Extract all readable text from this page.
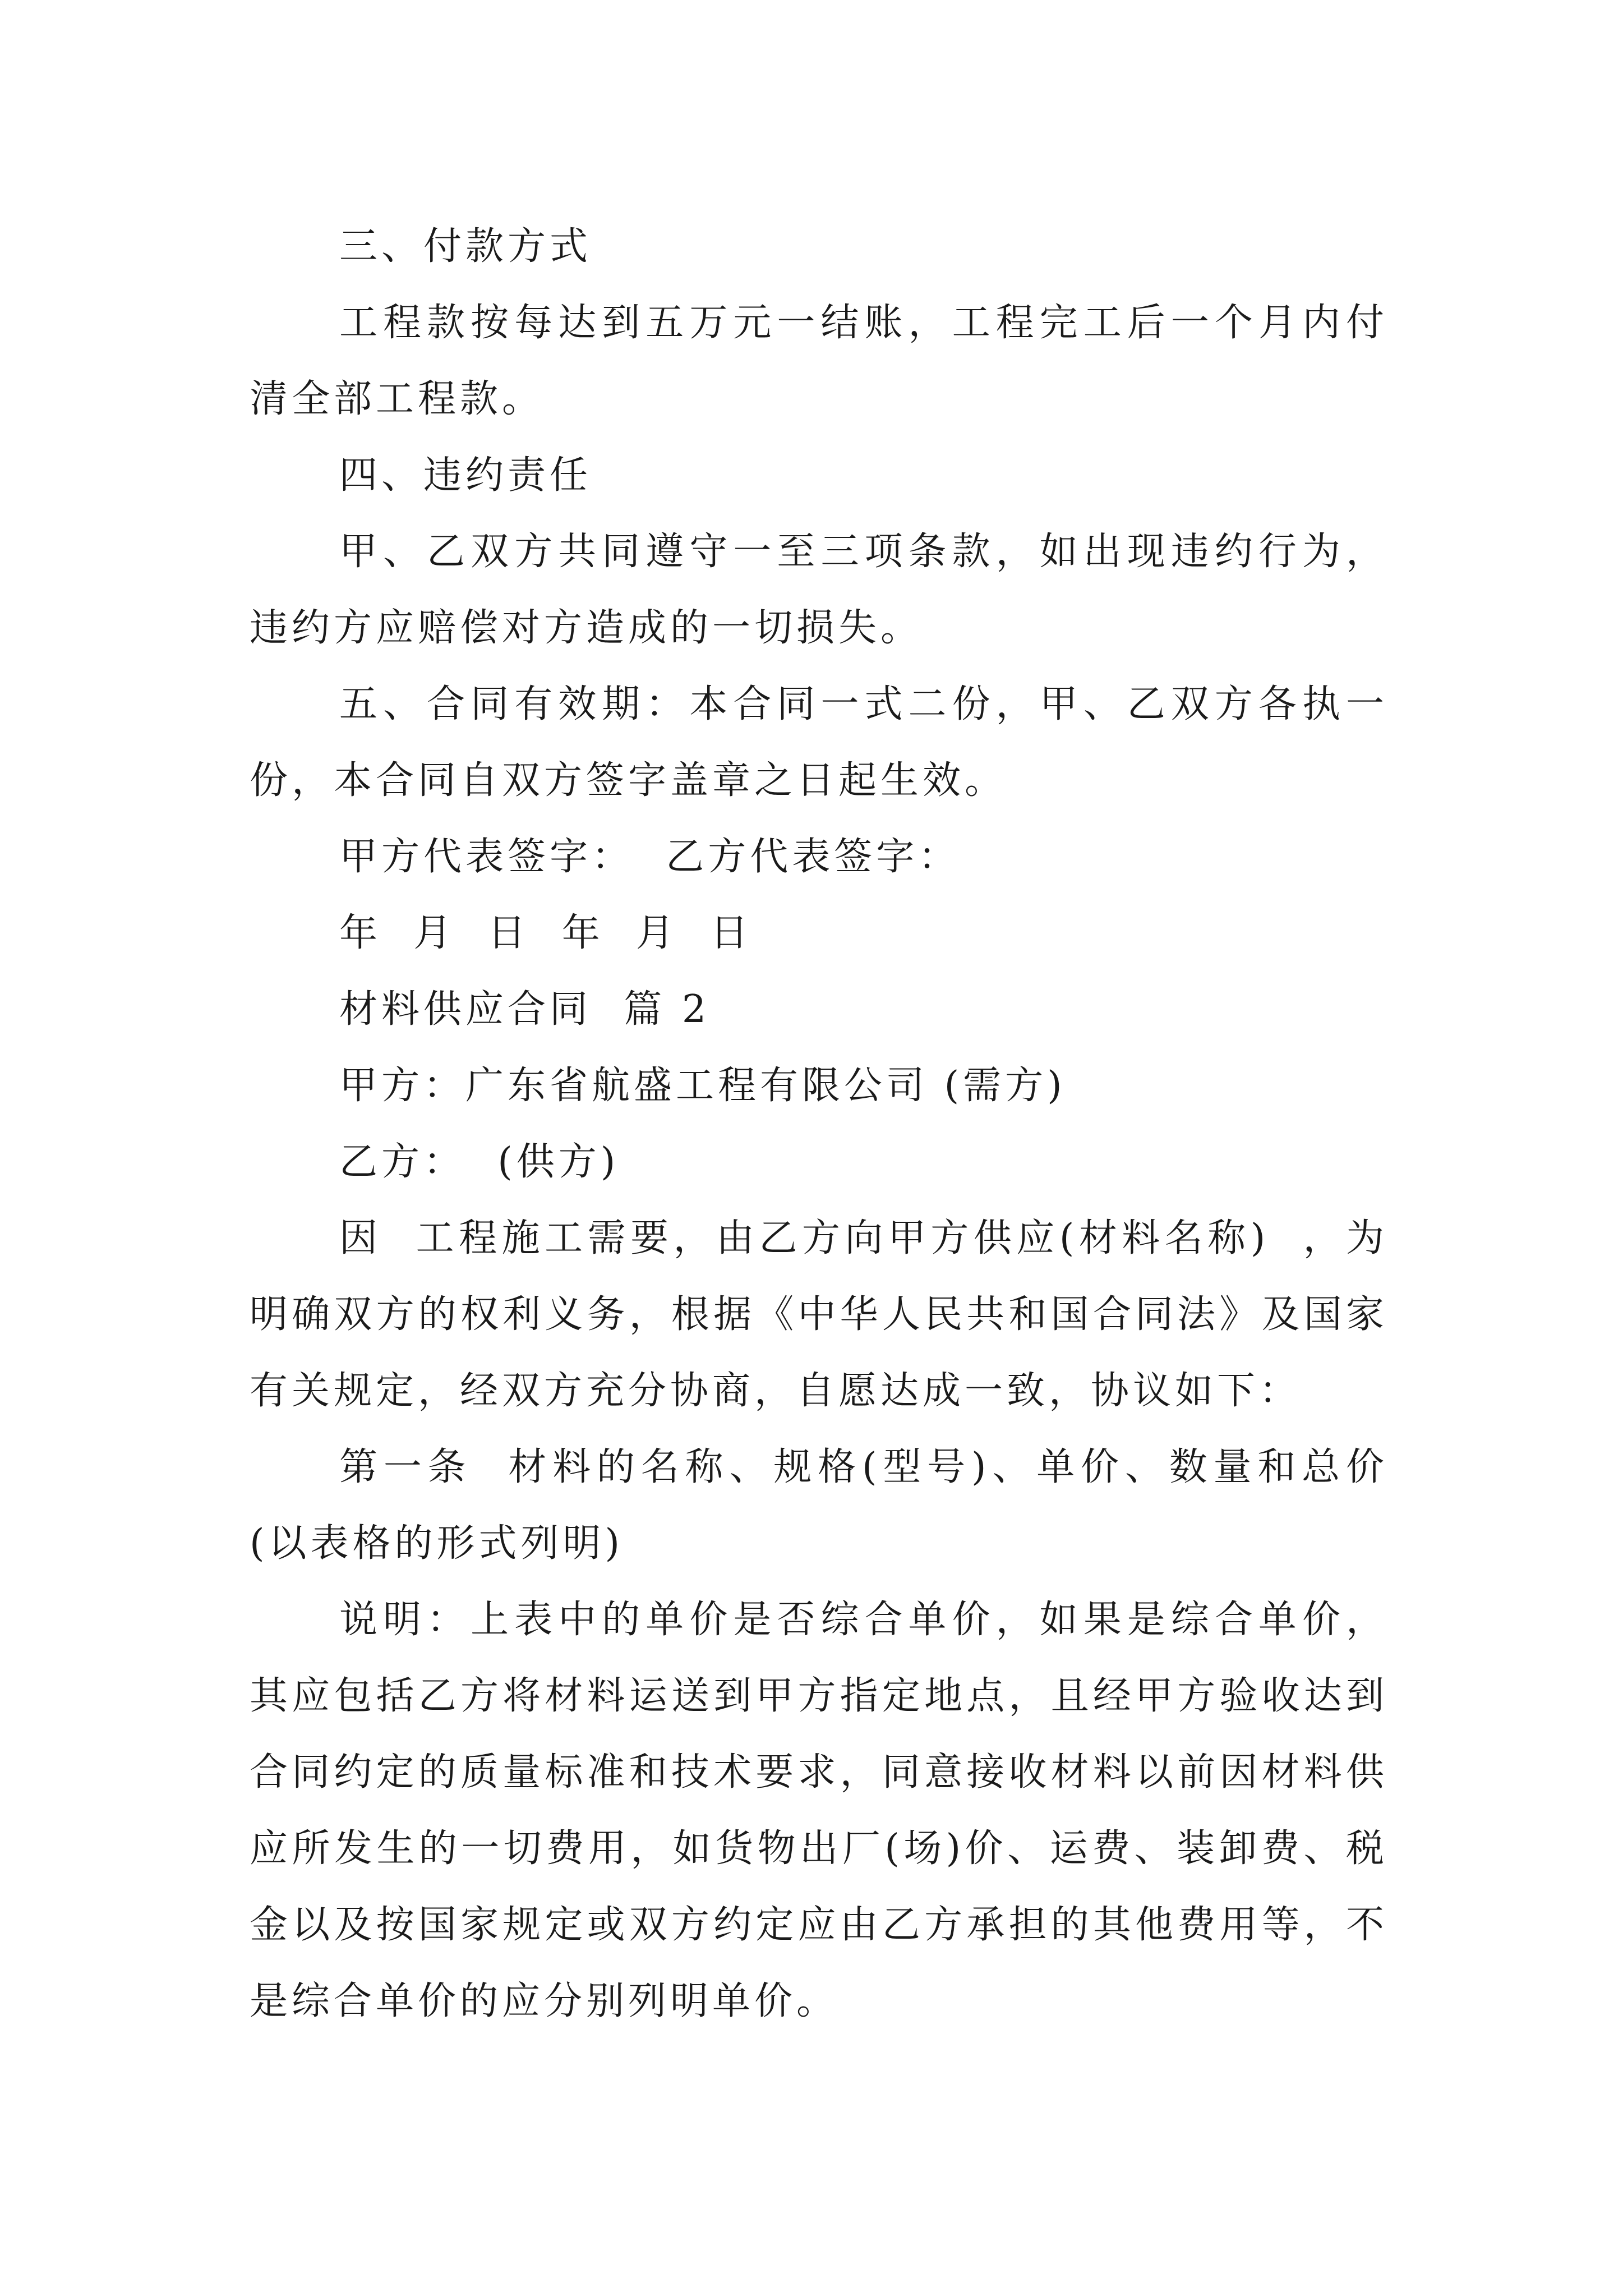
三、付款方式

工程款按每达到五万元一结账，工程完工后一个月内付清全部工程款。

四、违约责任

甲、乙双方共同遵守一至三项条款，如出现违约行为，违约方应赔偿对方造成的一切损失。

五、合同有效期：本合同一式二份，甲、乙双方各执一份，本合同自双方签字盖章之日起生效。

甲方代表签字：  乙方代表签字：

年  月  日  年  月  日

材料供应合同  篇 2

甲方：广东省航盛工程有限公司 (需方)

乙方：  (供方)

因  工程施工需要，由乙方向甲方供应(材料名称)  ，为明确双方的权利义务，根据《中华人民共和国合同法》及国家有关规定，经双方充分协商，自愿达成一致，协议如下：

第一条  材料的名称、规格(型号)、单价、数量和总价(以表格的形式列明)

说明：上表中的单价是否综合单价，如果是综合单价，其应包括乙方将材料运送到甲方指定地点，且经甲方验收达到合同约定的质量标准和技术要求，同意接收材料以前因材料供应所发生的一切费用，如货物出厂(场)价、运费、装卸费、税金以及按国家规定或双方约定应由乙方承担的其他费用等，不是综合单价的应分别列明单价。
